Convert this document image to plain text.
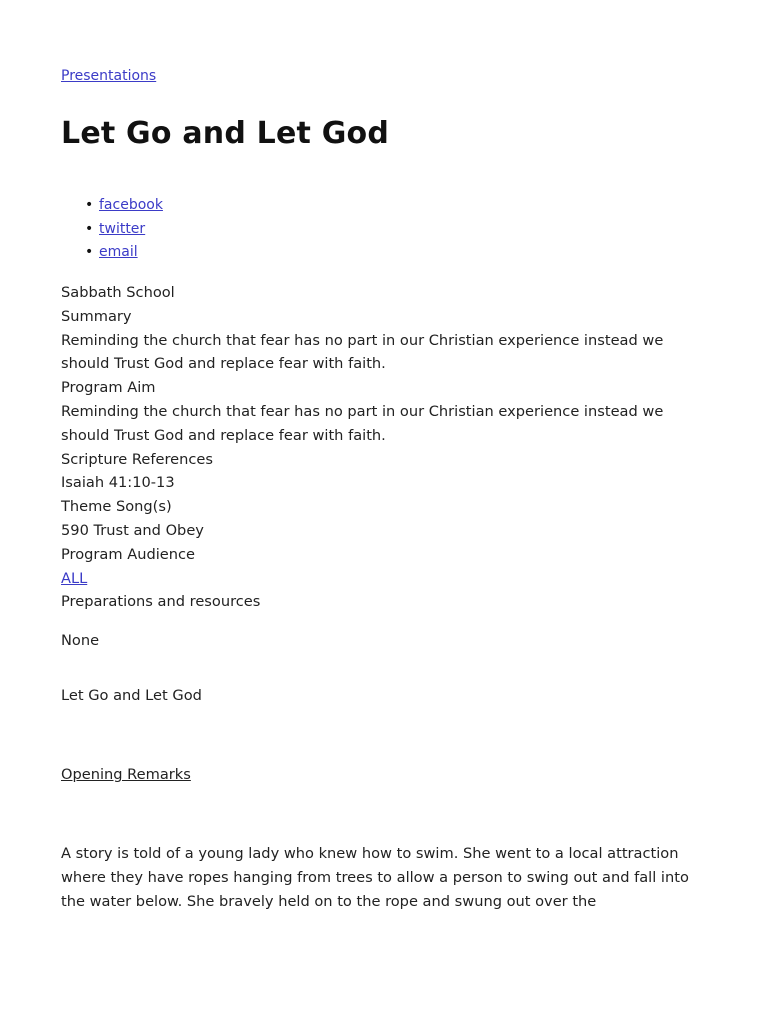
Presentations
Let Go and Let God
• facebook
• twitter
• email
Sabbath School
Summary
Reminding the church that fear has no part in our Christian experience instead we should Trust God and replace fear with faith.
Program Aim
Reminding the church that fear has no part in our Christian experience instead we should Trust God and replace fear with faith.
Scripture References
Isaiah 41:10-13
Theme Song(s)
590 Trust and Obey
Program Audience
ALL
Preparations and resources
None
Let Go and Let God
Opening Remarks

A story is told of a young lady who knew how to swim. She went to a local attraction where they have ropes hanging from trees to allow a person to swing out and fall into the water below. She bravely held on to the rope and swung out over the
